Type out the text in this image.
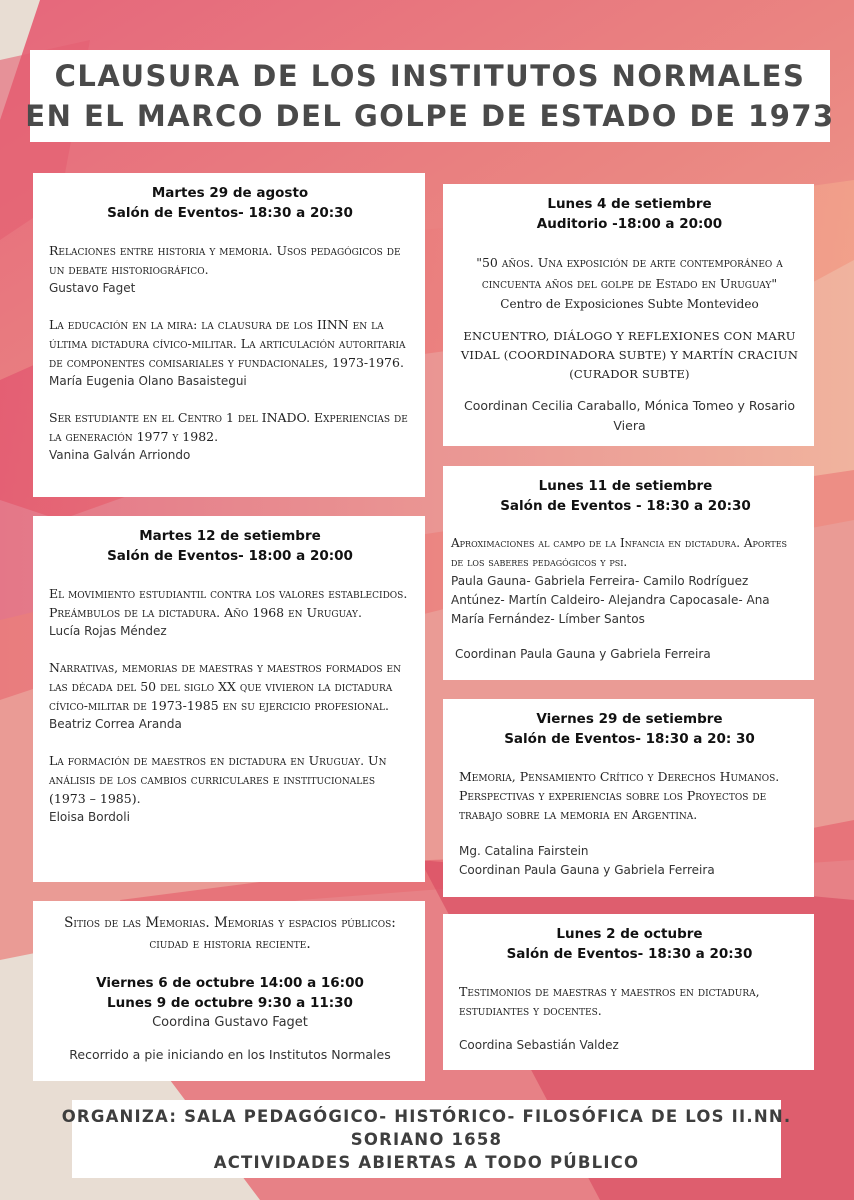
CLAUSURA DE LOS INSTITUTOS NORMALES
EN EL MARCO DEL GOLPE DE ESTADO DE 1973
Martes 29 de agosto
Salón de Eventos- 18:30 a 20:30
Relaciones entre historia y memoria. Usos pedagógicos de un debate historiográfico.
Gustavo Faget
La educación en la mira: la clausura de los IINN en la última dictadura cívico-militar. La articulación autoritaria de componentes comisariales y fundacionales, 1973-1976.
María Eugenia Olano Basaistegui
Ser estudiante en el Centro 1 del INADO. Experiencias de la generación 1977 y 1982.
Vanina Galván Arriondo
Martes 12 de setiembre
Salón de Eventos- 18:00 a 20:00
El movimiento estudiantil contra los valores establecidos. Preámbulos de la dictadura. Año 1968 en Uruguay.
Lucía Rojas Méndez
Narrativas, memorias de maestras y maestros formados en las década del 50 del siglo XX que vivieron la dictadura cívico-militar de 1973-1985 en su ejercicio profesional.
Beatriz Correa Aranda
La formación de maestros en dictadura en Uruguay. Un análisis de los cambios curriculares e institucionales (1973 – 1985).
Eloisa Bordoli
Sitios de las Memorias. Memorias y espacios públicos: ciudad e historia reciente.
Viernes 6 de octubre 14:00 a 16:00
Lunes 9 de octubre 9:30 a 11:30
Coordina Gustavo Faget
Recorrido a pie iniciando en los Institutos Normales
Lunes 4 de setiembre
Auditorio -18:00 a 20:00
"50 años. Una exposición de arte contemporáneo a cincuenta años del golpe de Estado en Uruguay"
Centro de Exposiciones Subte Montevideo
ENCUENTRO, DIÁLOGO Y REFLEXIONES CON MARU VIDAL (COORDINADORA SUBTE) Y MARTÍN CRACIUN (CURADOR SUBTE)
Coordinan Cecilia Caraballo, Mónica Tomeo y Rosario Viera
Lunes 11 de setiembre
Salón de Eventos - 18:30 a 20:30
Aproximaciones al campo de la Infancia en dictadura. Aportes de los saberes pedagógicos y psi.
Paula Gauna- Gabriela Ferreira- Camilo Rodríguez Antúnez- Martín Caldeiro- Alejandra Capocasale- Ana María Fernández- Límber Santos
Coordinan Paula Gauna y Gabriela Ferreira
Viernes 29 de setiembre
Salón de Eventos- 18:30 a 20: 30
Memoria, Pensamiento Crítico y Derechos Humanos. Perspectivas y experiencias sobre los Proyectos de trabajo sobre la memoria en Argentina.
Mg. Catalina Fairstein
Coordinan Paula Gauna y Gabriela Ferreira
Lunes 2 de octubre
Salón de Eventos- 18:30 a 20:30
Testimonios de maestras y maestros en dictadura, estudiantes y docentes.
Coordina Sebastián Valdez
ORGANIZA: SALA PEDAGÓGICO- HISTÓRICO- FILOSÓFICA DE LOS II.NN.
SORIANO 1658
ACTIVIDADES ABIERTAS A TODO PÚBLICO
